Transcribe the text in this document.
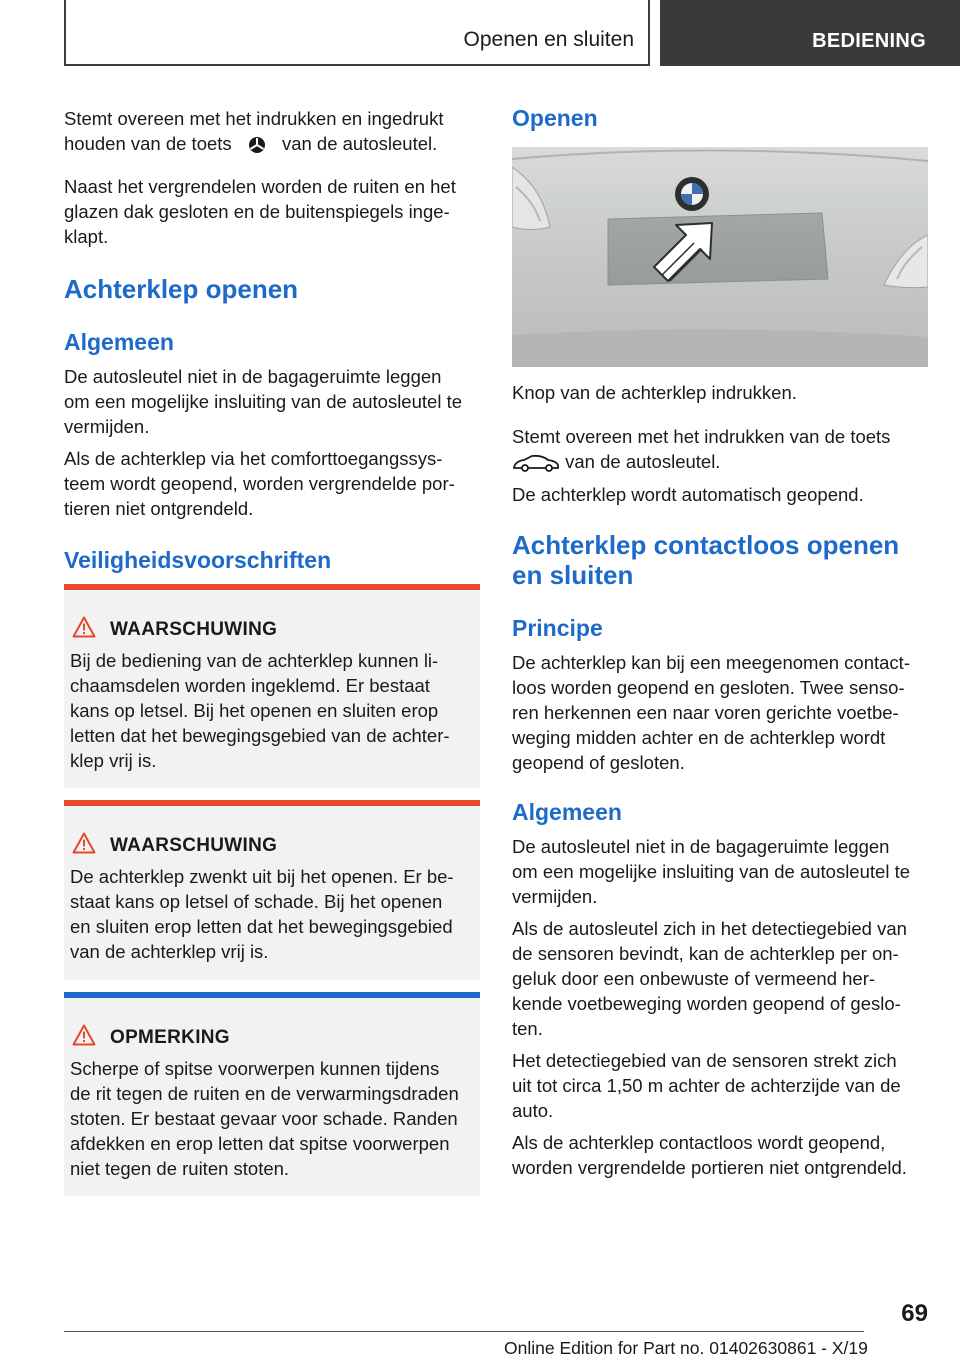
Openen en sluiten	BEDIENING

Stemt overeen met het indrukken en ingedrukt
houden van de toets	van de autosleutel.

Naast het vergrendelen worden de ruiten en het
glazen dak gesloten en de buitenspiegels inge-
klapt.

Achterklep openen
Algemeen

De autosleutel niet in de bagageruimte leggen
om een mogelijke insluiting van de autosleutel te
vermijden.

Als de achterklep via het comforttoegangssys-
teem wordt geopend, worden vergrendelde por-
tieren niet ontgrendeld.

Veiligheidsvoorschriften
WAARSCHUWING

Bij de bediening van de achterklep kunnen li-
chaamsdelen worden ingeklemd. Er bestaat
kans op letsel. Bij het openen en sluiten erop
letten dat het bewegingsgebied van de achter-
klep vrij is.

WAARSCHUWING

De achterklep zwenkt uit bij het openen. Er be-
staat kans op letsel of schade. Bij het openen
en sluiten erop letten dat het bewegingsgebied
van de achterklep vrij is.

OPMERKING

Scherpe of spitse voorwerpen kunnen tijdens
de rit tegen de ruiten en de verwarmingsdraden
stoten. Er bestaat gevaar voor schade. Randen
afdekken en erop letten dat spitse voorwerpen
niet tegen de ruiten stoten.

Openen

Knop van de achterklep indrukken.

Stemt overeen met het indrukken van de toets
van de autosleutel.

De achterklep wordt automatisch geopend.

Achterklep contactloos openen
en sluiten
Principe

De achterklep kan bij een meegenomen contact-
loos worden geopend en gesloten. Twee senso-
ren herkennen een naar voren gerichte voetbe-
weging midden achter en de achterklep wordt
geopend of gesloten.

Algemeen

De autosleutel niet in de bagageruimte leggen
om een mogelijke insluiting van de autosleutel te
vermijden.

Als de autosleutel zich in het detectiegebied van
de sensoren bevindt, kan de achterklep per on-
geluk door een onbewuste of vermeend her-
kende voetbeweging worden geopend of geslo-
ten.

Het detectiegebied van de sensoren strekt zich
uit tot circa 1,50 m achter de achterzijde van de
auto.

Als de achterklep contactloos wordt geopend,
worden vergrendelde portieren niet ontgrendeld.

69
Online Edition for Part no. 01402630861 - X/19
